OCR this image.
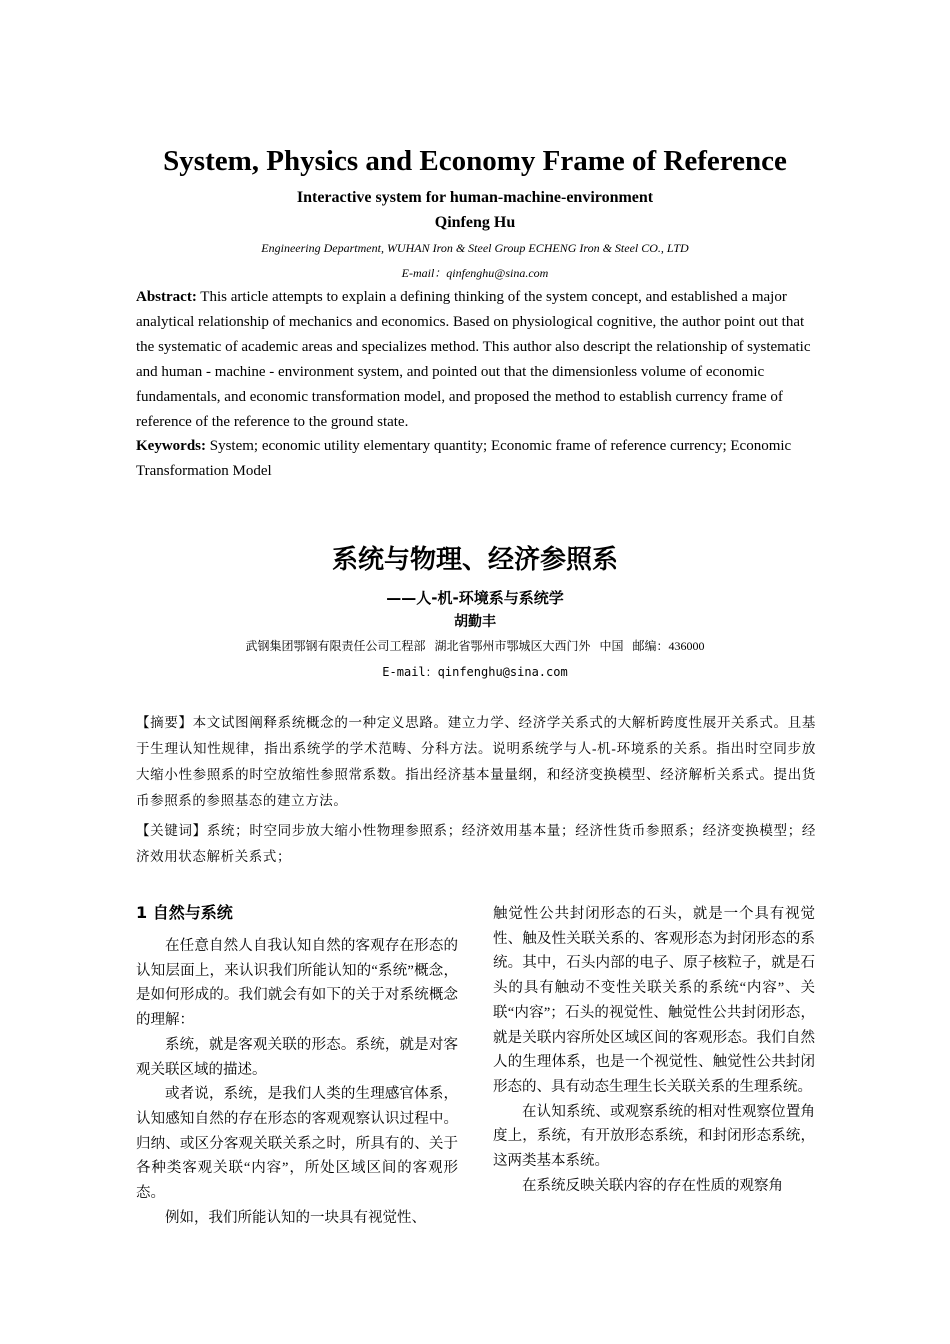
System, Physics and Economy Frame of Reference
Interactive system for human-machine-environment
Qinfeng Hu
Engineering Department, WUHAN Iron & Steel Group ECHENG Iron & Steel CO., LTD
E-mail：qinfenghu@sina.com
Abstract: This article attempts to explain a defining thinking of the system concept, and established a major analytical relationship of mechanics and economics. Based on physiological cognitive, the author point out that the systematic of academic areas and specializes method. This author also descript the relationship of systematic and human - machine - environment system, and pointed out that the dimensionless volume of economic fundamentals, and economic transformation model, and proposed the method to establish currency frame of reference of the reference to the ground state.
Keywords: System; economic utility elementary quantity; Economic frame of reference currency; Economic Transformation Model
系统与物理、经济参照系
——人-机-环境系与系统学
胡勤丰
武钢集团鄂钢有限责任公司工程部   湖北省鄂州市鄂城区大西门外   中国   邮编：436000
E-mail：qinfenghu@sina.com
【摘要】本文试图阐释系统概念的一种定义思路。建立力学、经济学关系式的大解析跨度性展开关系式。且基于生理认知性规律，指出系统学的学术范畴、分科方法。说明系统学与人-机-环境系的关系。指出时空同步放大缩小性参照系的时空放缩性参照常系数。指出经济基本量量纲，和经济变换模型、经济解析关系式。提出货币参照系的参照基态的建立方法。
【关键词】系统；时空同步放大缩小性物理参照系；经济效用基本量；经济性货币参照系；经济变换模型；经济效用状态解析关系式；
1 自然与系统

在任意自然人自我认知自然的客观存在形态的认知层面上，来认识我们所能认知的“系统”概念，是如何形成的。我们就会有如下的关于对系统概念的理解：

系统，就是客观关联的形态。系统，就是对客观关联区域的描述。

或者说，系统，是我们人类的生理感官体系，认知感知自然的存在形态的客观观察认识过程中。归纳、或区分客观关联关系之时，所具有的、关于各种类客观关联“内容”，所处区域区间的客观形态。

例如，我们所能认知的一块具有视觉性、

触觉性公共封闭形态的石头，就是一个具有视觉性、触及性关联关系的、客观形态为封闭形态的系统。其中，石头内部的电子、原子核粒子，就是石头的具有触动不变性关联关系的系统“内容”、关联“内容”；石头的视觉性、触觉性公共封闭形态，就是关联内容所处区域区间的客观形态。我们自然人的生理体系，也是一个视觉性、触觉性公共封闭形态的、具有动态生理生长关联关系的生理系统。

在认知系统、或观察系统的相对性观察位置角度上，系统，有开放形态系统，和封闭形态系统，这两类基本系统。

在系统反映关联内容的存在性质的观察角
